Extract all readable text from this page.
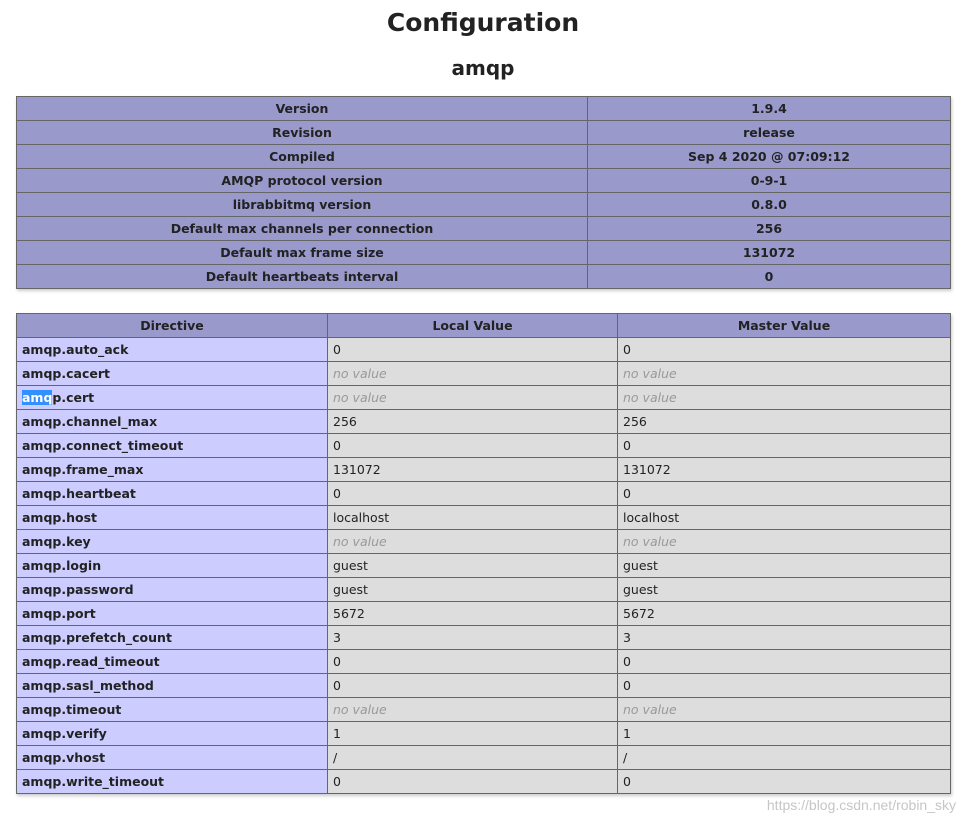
Configuration
amqp
Version	1.9.4
Revision	release
Compiled	Sep 4 2020 @ 07:09:12
AMQP protocol version	0-9-1
librabbitmq version	0.8.0
Default max channels per connection	256
Default max frame size	131072
Default heartbeats interval	0
Directive	Local Value	Master Value
amqp.auto_ack	0	0
amqp.cacert	no value	no value
amqp.cert	no value	no value
amqp.channel_max	256	256
amqp.connect_timeout	0	0
amqp.frame_max	131072	131072
amqp.heartbeat	0	0
amqp.host	localhost	localhost
amqp.key	no value	no value
amqp.login	guest	guest
amqp.password	guest	guest
amqp.port	5672	5672
amqp.prefetch_count	3	3
amqp.read_timeout	0	0
amqp.sasl_method	0	0
amqp.timeout	no value	no value
amqp.verify	1	1
amqp.vhost	/	/
amqp.write_timeout	0	0
https://blog.csdn.net/robin_sky
